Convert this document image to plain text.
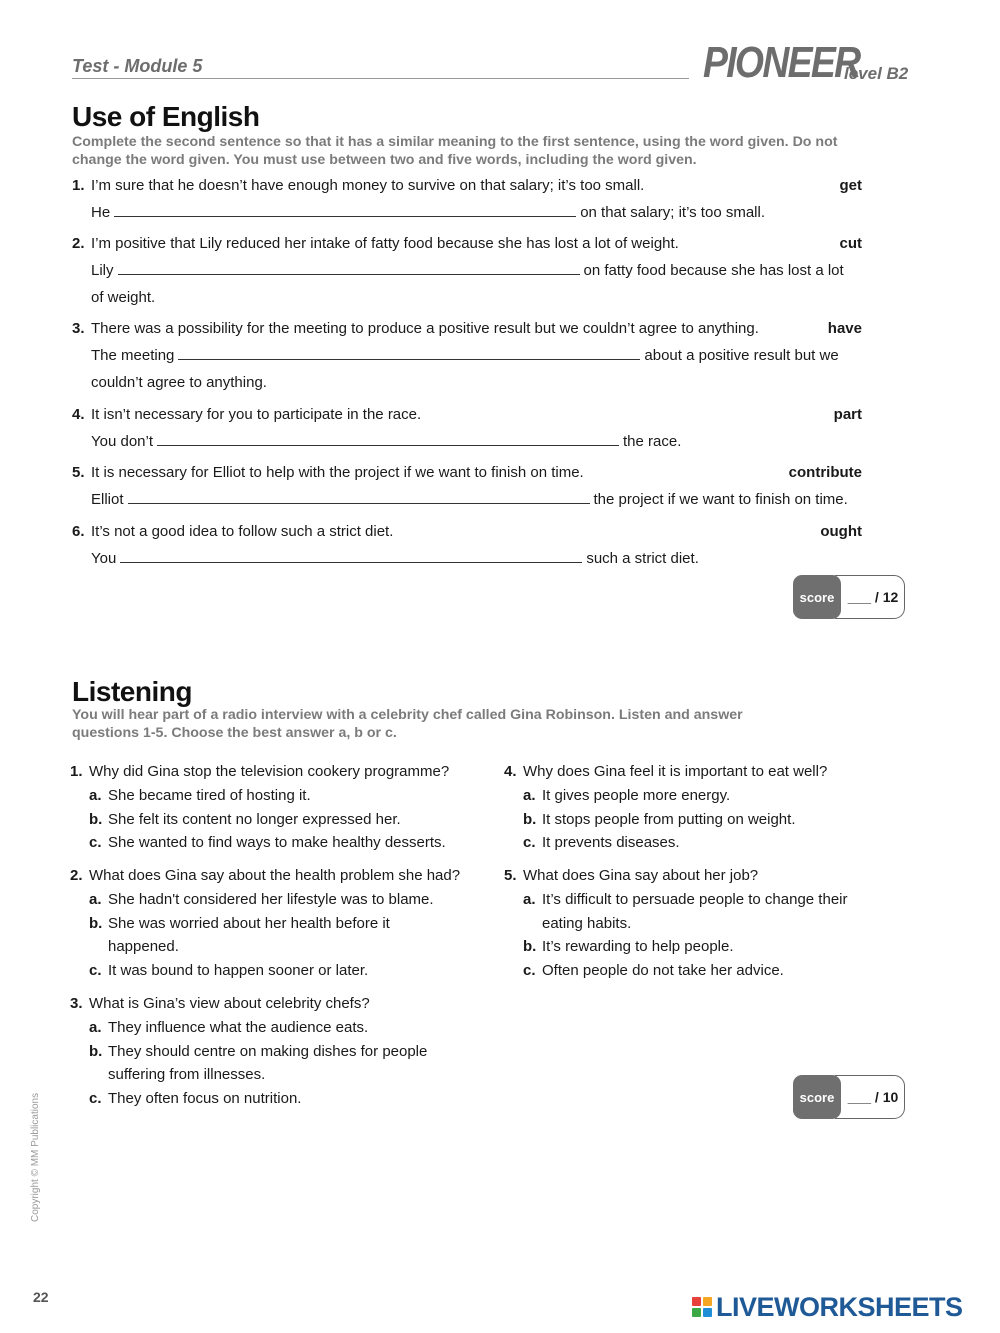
Test - Module 5	PIONEER
level B2
Use of English
Complete the second sentence so that it has a similar meaning to the first sentence, using the word given. Do not change the word given. You must use between two and five words, including the word given.
1. I’m sure that he doesn’t have enough money to survive on that salary; it’s too small.	get
He	on that salary; it’s too small.
2. I’m positive that Lily reduced her intake of fatty food because she has lost a lot of weight.	cut
Lily	on fatty food because she has lost a lot
of weight.
3. There was a possibility for the meeting to produce a positive result but we couldn’t agree to anything.	have
The meeting	about a positive result but we
couldn’t agree to anything.
4. It isn’t necessary for you to participate in the race.	part
You don’t	the race.
5. It is necessary for Elliot to help with the project if we want to finish on time.	contribute
Elliot	the project if we want to finish on time.
6. It’s not a good idea to follow such a strict diet.	ought
You	such a strict diet.
score ___ / 12
Listening
You will hear part of a radio interview with a celebrity chef called Gina Robinson. Listen and answer questions 1-5. Choose the best answer a, b or c.
1. Why did Gina stop the television cookery programme?
a. She became tired of hosting it.
b. She felt its content no longer expressed her.
c. She wanted to find ways to make healthy desserts.
2. What does Gina say about the health problem she had?
a. She hadn't considered her lifestyle was to blame.
b. She was worried about her health before it
happened.
c. It was bound to happen sooner or later.
3. What is Gina’s view about celebrity chefs?
a. They influence what the audience eats.
b. They should centre on making dishes for people
suffering from illnesses.
c. They often focus on nutrition.
4. Why does Gina feel it is important to eat well?
a. It gives people more energy.
b. It stops people from putting on weight.
c. It prevents diseases.
5. What does Gina say about her job?
a. It’s difficult to persuade people to change their
eating habits.
b. It’s rewarding to help people.
c. Often people do not take her advice.
score ___ / 10
Copyright © MM Publications
22	LIVEWORKSHEETS
